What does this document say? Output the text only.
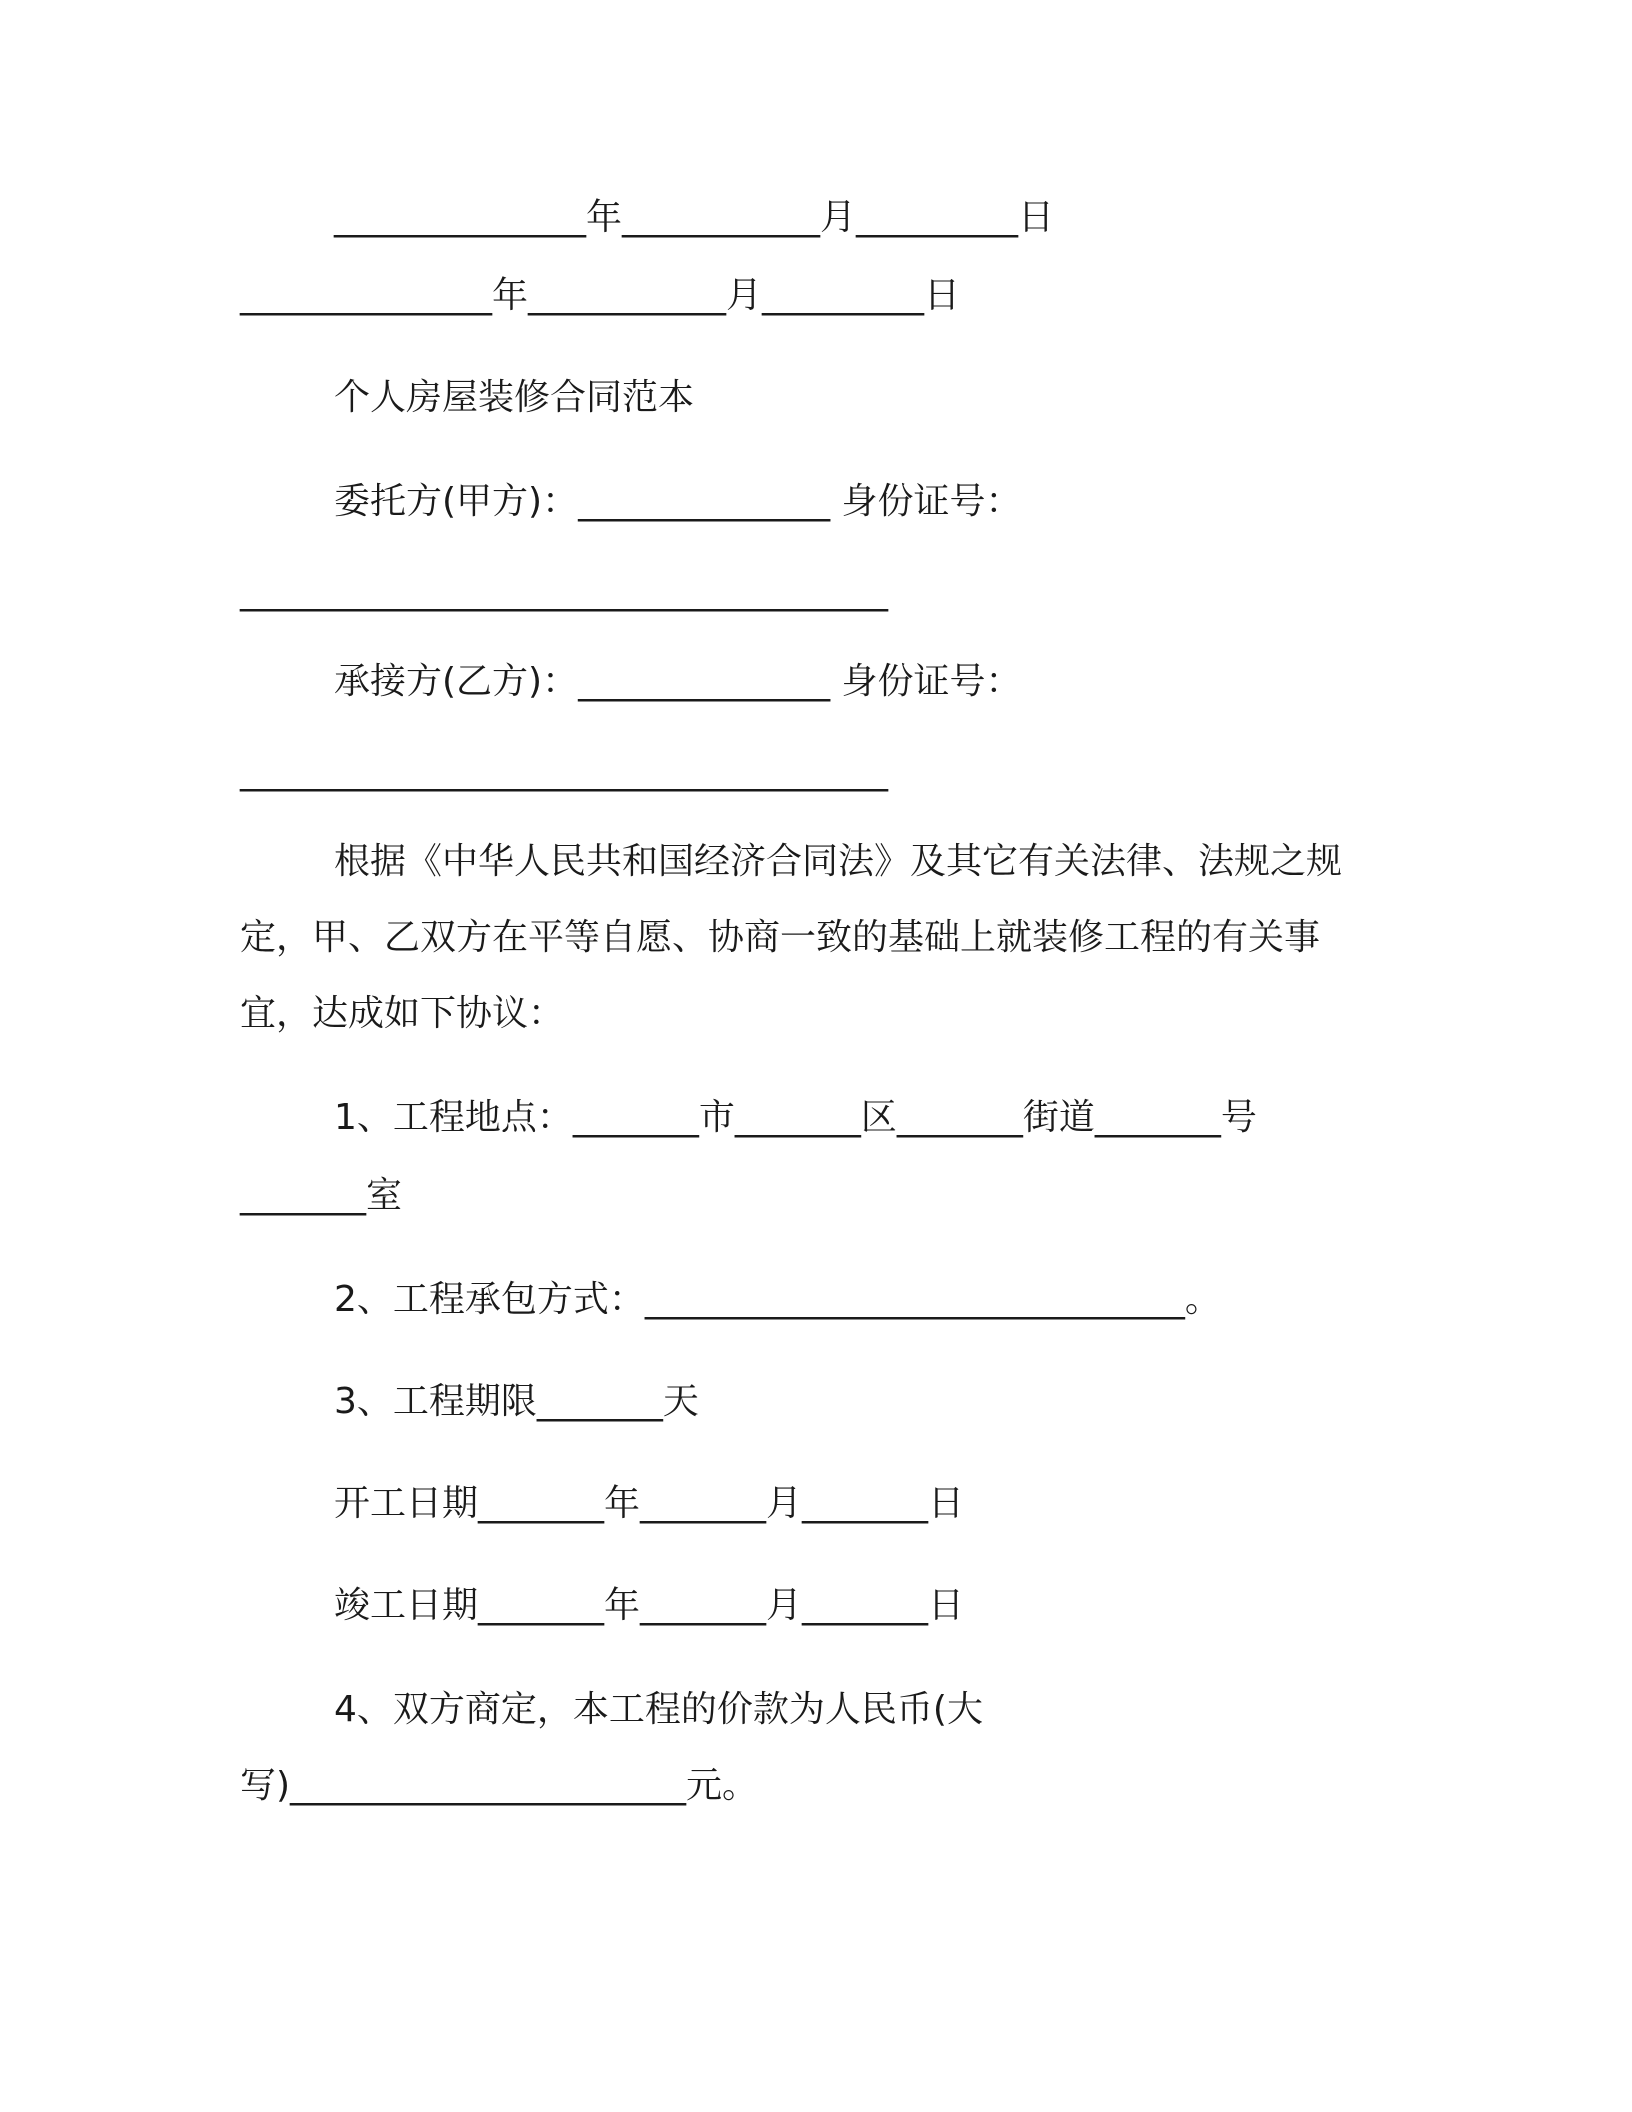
______________年___________月_________日
______________年___________月_________日
个人房屋装修合同范本
委托方(甲方)：______________ 身份证号：
____________________________________
承接方(乙方)：______________ 身份证号：
____________________________________
根据《中华人民共和国经济合同法》及其它有关法律、法规之规
定，甲、乙双方在平等自愿、协商一致的基础上就装修工程的有关事
宜，达成如下协议：
1、工程地点：_______市_______区_______街道_______号
_______室
2、工程承包方式：______________________________。
3、工程期限_______天
开工日期_______年_______月_______日
竣工日期_______年_______月_______日
4、双方商定，本工程的价款为人民币(大
写)______________________元。
